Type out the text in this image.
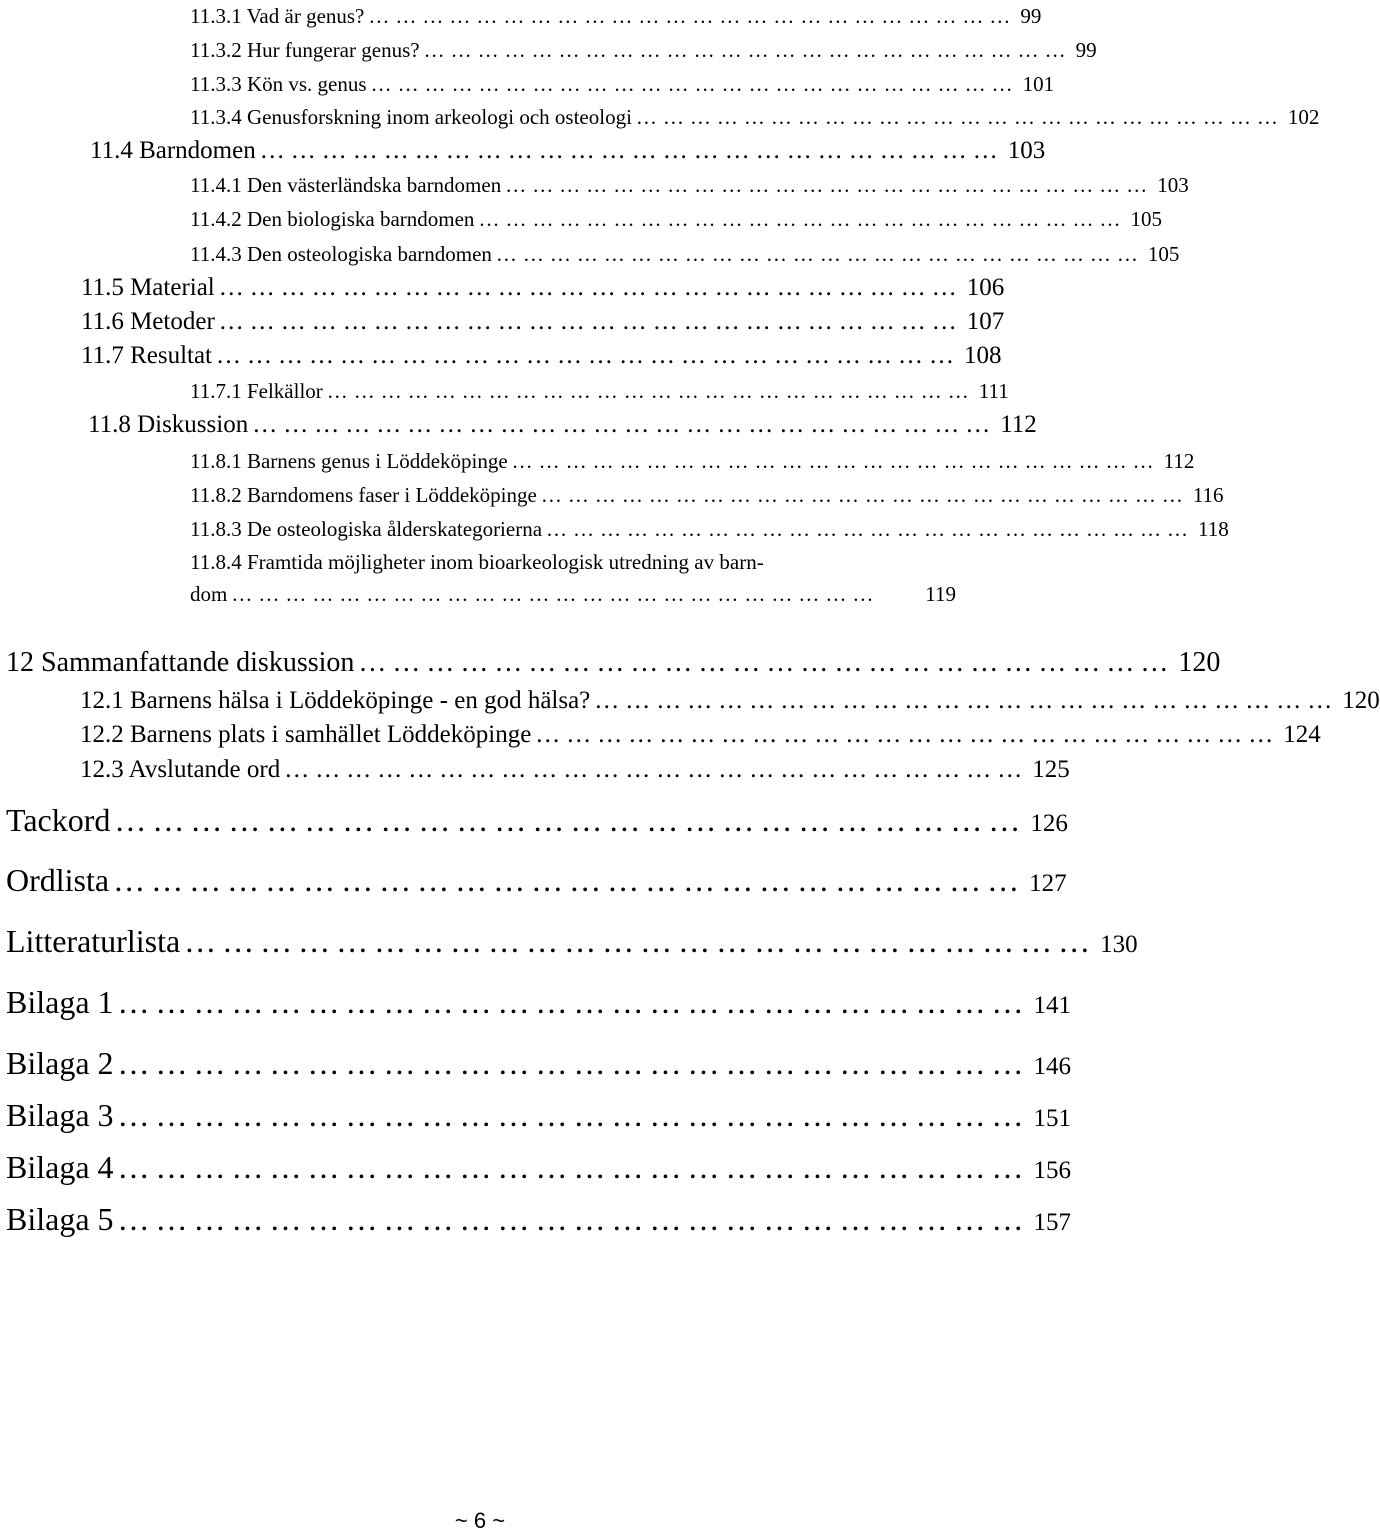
11.3.1 Vad är genus? ……………………………………………………………… 99
11.3.2 Hur fungerar genus? ……………………………………………………………… 99
11.3.3 Kön vs. genus ……………………………………………………………… 101
11.3.4 Genusforskning inom arkeologi och osteologi ……………………………………………………………… 102
11.4 Barndomen ……………………………………………………………… 103
11.4.1 Den västerländska barndomen ……………………………………………………………… 103
11.4.2 Den biologiska barndomen ……………………………………………………………… 105
11.4.3 Den osteologiska barndomen ……………………………………………………………… 105
11.5 Material ……………………………………………………………… 106
11.6 Metoder ……………………………………………………………… 107
11.7 Resultat ……………………………………………………………… 108
11.7.1 Felkällor ……………………………………………………………… 111
11.8 Diskussion ……………………………………………………………… 112
11.8.1 Barnens genus i Löddeköpinge ……………………………………………………………… 112
11.8.2 Barndomens faser i Löddeköpinge ……………………………………………………………… 116
11.8.3 De osteologiska ålderskategorierna ……………………………………………………………… 118
11.8.4 Framtida möjligheter inom bioarkeologisk utredning av barn-
dom ………………………………………………………………	119
12 Sammanfattande diskussion ……………………………………………………………… 120
12.1 Barnens hälsa i Löddeköpinge - en god hälsa? ……………………………………………………………… 120
12.2 Barnens plats i samhället Löddeköpinge ……………………………………………………………… 124
12.3 Avslutande ord ……………………………………………………………… 125
Tackord ……………………………………………………………… 126
Ordlista ……………………………………………………………… 127
Litteraturlista ……………………………………………………………… 130
Bilaga 1 ……………………………………………………………… 141
Bilaga 2 ……………………………………………………………… 146
Bilaga 3 ……………………………………………………………… 151
Bilaga 4 ……………………………………………………………… 156
Bilaga 5 ……………………………………………………………… 157
~ 6 ~
